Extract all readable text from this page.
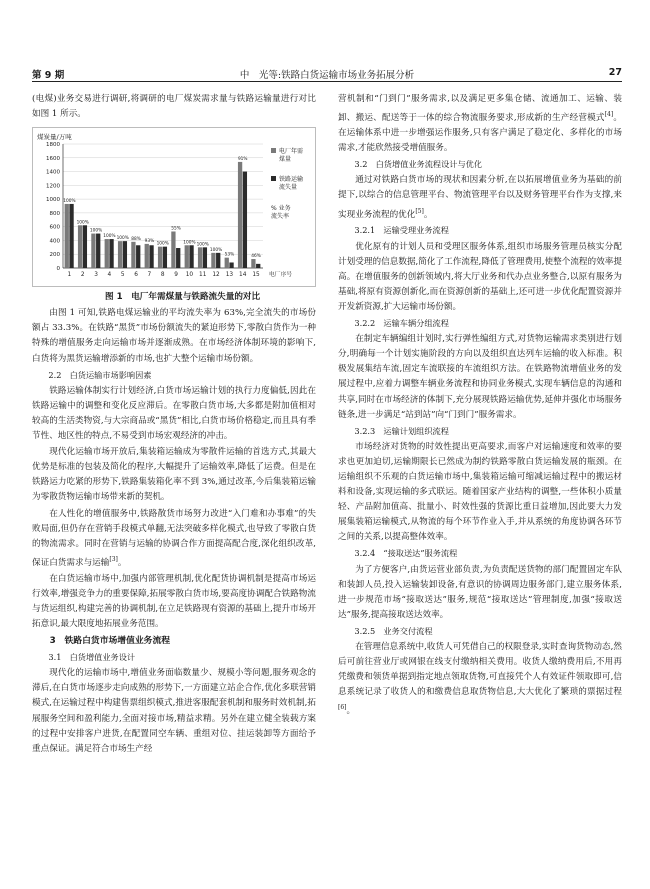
第 9 期	中　光等:铁路白货运输市场业务拓展分析	27

(电煤)业务交易进行调研,将调研的电厂煤炭需求量与铁路运输量进行对比如图 1 所示。

煤炭量/万吨
0
200
400
600
800
1000
1200
1400
1600
1800
100%
1
100%
2
100%
3
100%
4
100%
5
88%
6
93%
7
100%
8
55%
9
100%
10
100%
11
100%
12
53%
13
91%
14
46%
15 电厂序号
电厂年需
煤量
铁路运输
流失量
% 业务
流失率

图 1　电厂年需煤量与铁路流失量的对比

由图 1 可知,铁路电煤运输业的平均流失率为 63%,完全流失的市场份额占 33.3%。在铁路“黑货”市场份额流失的紧迫形势下,零散白货作为一种特殊的增值服务走向运输市场并逐渐成熟。在市场经济体制环境的影响下,白货将为黑货运输增添新的市场,也扩大整个运输市场份额。

2.2　白货运输市场影响因素

铁路运输体制实行计划经济,白货市场运输计划的执行力度偏低,因此在铁路运输中的调整和变化反应滞后。在零散白货市场,大多都是附加值相对较高的生活类物资,与大宗商品或“黑货”相比,白货市场价格稳定,而且具有季节性、地区性的特点,不易受到市场宏观经济的冲击。

现代化运输市场开放后,集装箱运输成为零散件运输的首选方式,其最大优势是标准的包装及简化的程序,大幅提升了运输效率,降低了运费。但是在铁路运力吃紧的形势下,铁路集装箱化率不到 3%,通过改革,今后集装箱运输为零散货物运输市场带来新的契机。

在人性化的增值服务中,铁路散货市场努力改进“入门难和办事难”的失败局面,但仍存在营销手段模式单翻,无法突破多样化模式,也导致了零散白货的物流需求。同时在营销与运输的协调合作方面提高配合度,深化组织改革,保证白货需求与运输[3]。

在白货运输市场中,加强内部管理机制,优化配货协调机制是提高市场运行效率,增强竞争力的重要保障,拓展零散白货市场,要高度协调配合铁路物流与货运组织,构建完善的协调机制,在立足铁路现有资源的基础上,提升市场开拓意识,最大限度地拓展业务范围。

3　铁路白货市场增值业务流程

3.1　白货增值业务设计

现代化的运输市场中,增值业务面临数量少、规模小等问题,服务观念的滞后,在白货市场逐步走向成熟的形势下,一方面建立站企合作,优化多联营销模式,在运输过程中构建售票组织模式,推进客服配套机制和服务时效机制,拓展服务空间和盈利能力,全面对接市场,精益求精。另外在建立健全装载方案的过程中安排客户进货,在配置同空车辆、重组对位、挂运装卸等方面给予重点保证。满足符合市场生产经

营机制和“门到门”服务需求,以及满足更多集仓储、流通加工、运输、装卸、搬运、配送等于一体的综合物流服务要求,形成新的生产经营模式[4]。在运输体系中进一步增强运作服务,只有客户满足了稳定化、多样化的市场需求,才能欣然接受增值服务。

3.2　白货增值业务流程设计与优化

通过对铁路白货市场的现状和因素分析,在以拓展增值业务为基础的前提下,以综合的信息管理平台、物流管理平台以及财务管理平台作为支撑,来实现业务流程的优化[5]。

3.2.1　运输受理业务流程

优化原有的计划人员和受理区服务体系,组织市场服务管理员核实分配计划受理的信息数据,简化了工作流程,降低了管理费用,使整个流程的效率提高。在增值服务的创新领域内,将大厅业务和代办点业务整合,以原有服务为基础,将原有资源创新化,而在资源创新的基础上,还可进一步优化配置资源并开发新资源,扩大运输市场份额。

3.2.2　运输车辆分组流程

在制定车辆编组计划时,实行弹性编组方式,对货物运输需求类别进行划分,明确每一个计划实施阶段的方向以及组织直达列车运输的收入标准。积极发展集结车流,固定车流联接的车流组织方法。在铁路物流增值业务的发展过程中,应着力调整车辆业务流程和协同业务模式,实现车辆信息的沟通和共享,同时在市场经济的体制下,充分展现铁路运输优势,延伸并强化市场服务链条,进一步满足“站到站”向“门到门”服务需求。

3.2.3　运输计划组织流程

市场经济对货物的时效性提出更高要求,而客户对运输速度和效率的要求也更加迫切,运输期限长已然成为制约铁路零散白货运输发展的瓶颈。在运输组织不乐观的白货运输市场中,集装箱运输可缩减运输过程中的搬运材料和设备,实现运输的多式联运。随着国家产业结构的调整,一些体积小质量轻、产品附加值高、批量小、时效性强的货源比重日益增加,因此要大力发展集装箱运输模式,从物流的每个环节作业入手,并从系统的角度协调各环节之间的关系,以提高整体效率。

3.2.4　“接取送达”服务流程

为了方便客户,由货运营业部负责,为负责配送货物的部门配置固定车队和装卸人员,投入运输装卸设备,有意识的协调周边服务部门,建立服务体系,进一步规范市场“接取送达”服务,规范“接取送达”管理制度,加强“接取送达”服务,提高接取送达效率。

3.2.5　业务交付流程

在管理信息系统中,收货人可凭借自己的权限登录,实时查询货物动态,然后可前往营业厅或网银在线支付缴纳相关费用。收货人缴纳费用后,不用再凭缴费和领货单据到指定地点领取货物,可直接凭个人有效证件领取即可,信息系统记录了收货人的和缴费信息取货物信息,大大优化了繁琐的票据过程[6]。
